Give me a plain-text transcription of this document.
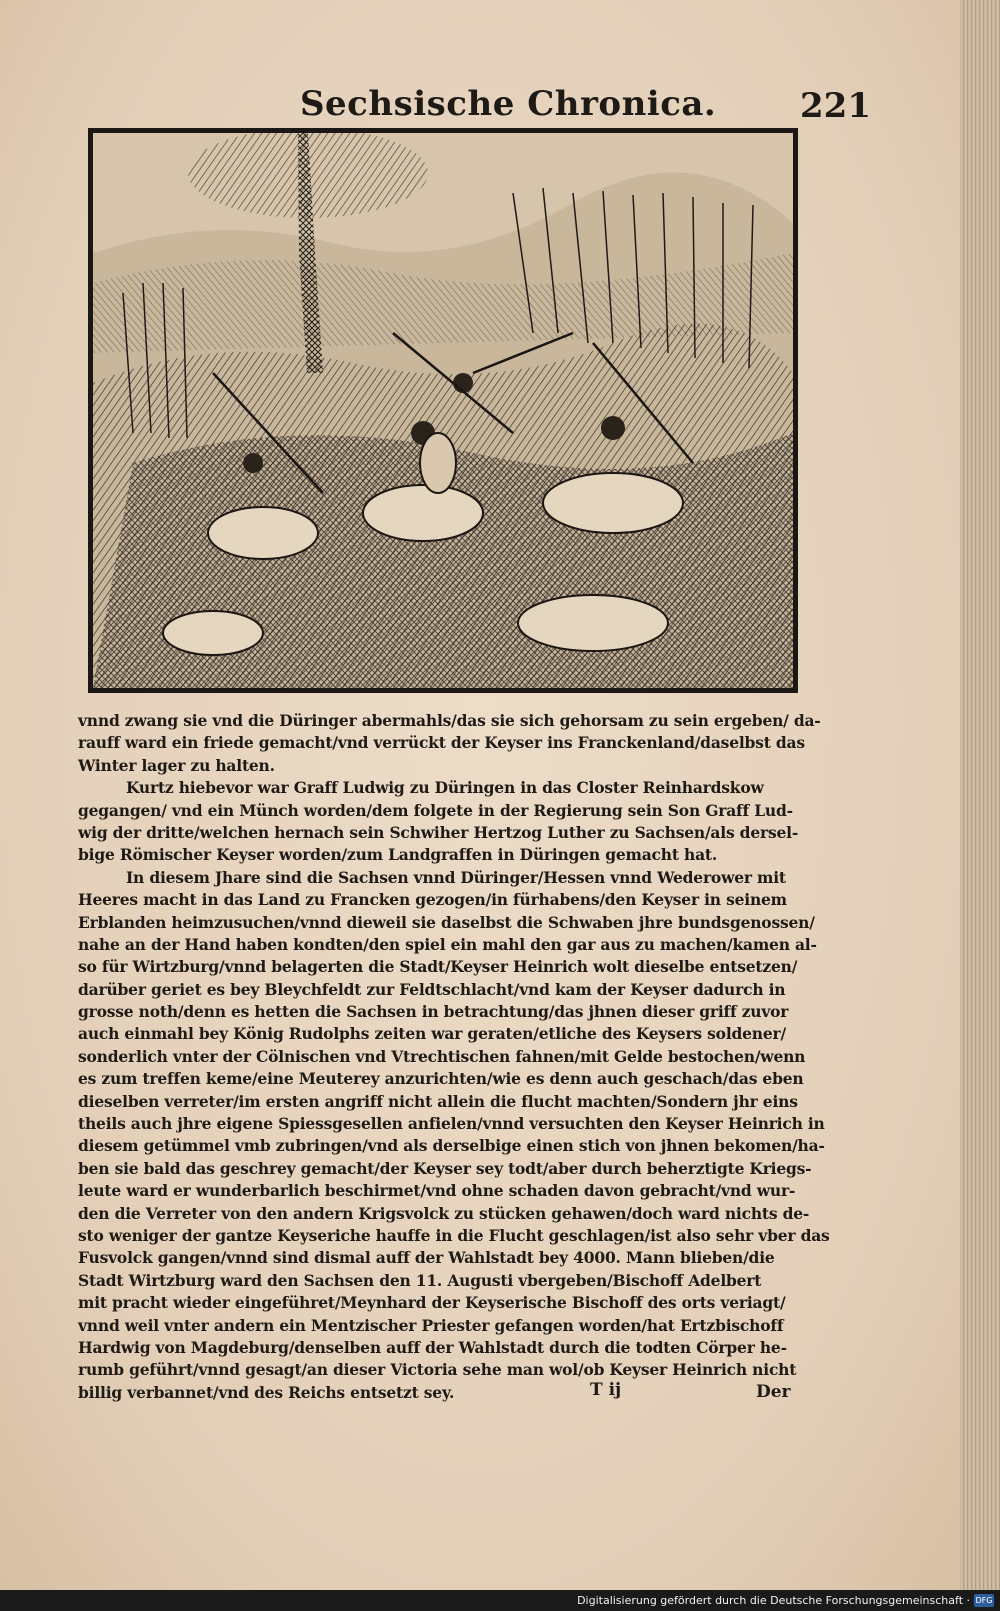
Sechsische Chronica. 221
vnnd zwang sie vnd die Düringer abermahls/das sie sich gehorsam zu sein ergeben/ da-
rauff ward ein friede gemacht/vnd verrückt der Keyser ins Franckenland/daselbst das
Winter lager zu halten.
Kurtz hiebevor war Graff Ludwig zu Düringen in das Closter Reinhardskow
gegangen/ vnd ein Münch worden/dem folgete in der Regierung sein Son Graff Lud-
wig der dritte/welchen hernach sein Schwiher Hertzog Luther zu Sachsen/als dersel-
bige Römischer Keyser worden/zum Landgraffen in Düringen gemacht hat.
In diesem Jhare sind die Sachsen vnnd Düringer/Hessen vnnd Wederower mit
Heeres macht in das Land zu Francken gezogen/in fürhabens/den Keyser in seinem
Erblanden heimzusuchen/vnnd dieweil sie daselbst die Schwaben jhre bundsgenossen/
nahe an der Hand haben kondten/den spiel ein mahl den gar aus zu machen/kamen al-
so für Wirtzburg/vnnd belagerten die Stadt/Keyser Heinrich wolt dieselbe entsetzen/
darüber geriet es bey Bleychfeldt zur Feldtschlacht/vnd kam der Keyser dadurch in
grosse noth/denn es hetten die Sachsen in betrachtung/das jhnen dieser griff zuvor
auch einmahl bey König Rudolphs zeiten war geraten/etliche des Keysers soldener/
sonderlich vnter der Cölnischen vnd Vtrechtischen fahnen/mit Gelde bestochen/wenn
es zum treffen keme/eine Meuterey anzurichten/wie es denn auch geschach/das eben
dieselben verreter/im ersten angriff nicht allein die flucht machten/Sondern jhr eins
theils auch jhre eigene Spiessgesellen anfielen/vnnd versuchten den Keyser Heinrich in
diesem getümmel vmb zubringen/vnd als derselbige einen stich von jhnen bekomen/ha-
ben sie bald das geschrey gemacht/der Keyser sey todt/aber durch beherztigte Kriegs-
leute ward er wunderbarlich beschirmet/vnd ohne schaden davon gebracht/vnd wur-
den die Verreter von den andern Krigsvolck zu stücken gehawen/doch ward nichts de-
sto weniger der gantze Keyseriche hauffe in die Flucht geschlagen/ist also sehr vber das
Fusvolck gangen/vnnd sind dismal auff der Wahlstadt bey 4000. Mann blieben/die
Stadt Wirtzburg ward den Sachsen den 11. Augusti vbergeben/Bischoff Adelbert
mit pracht wieder eingeführet/Meynhard der Keyserische Bischoff des orts veriagt/
vnnd weil vnter andern ein Mentzischer Priester gefangen worden/hat Ertzbischoff
Hardwig von Magdeburg/denselben auff der Wahlstadt durch die todten Cörper he-
rumb geführt/vnnd gesagt/an dieser Victoria sehe man wol/ob Keyser Heinrich nicht
billig verbannet/vnd des Reichs entsetzt sey.	T ij	Der
Digitalisierung gefördert durch die Deutsche Forschungsgemeinschaft · DFG
